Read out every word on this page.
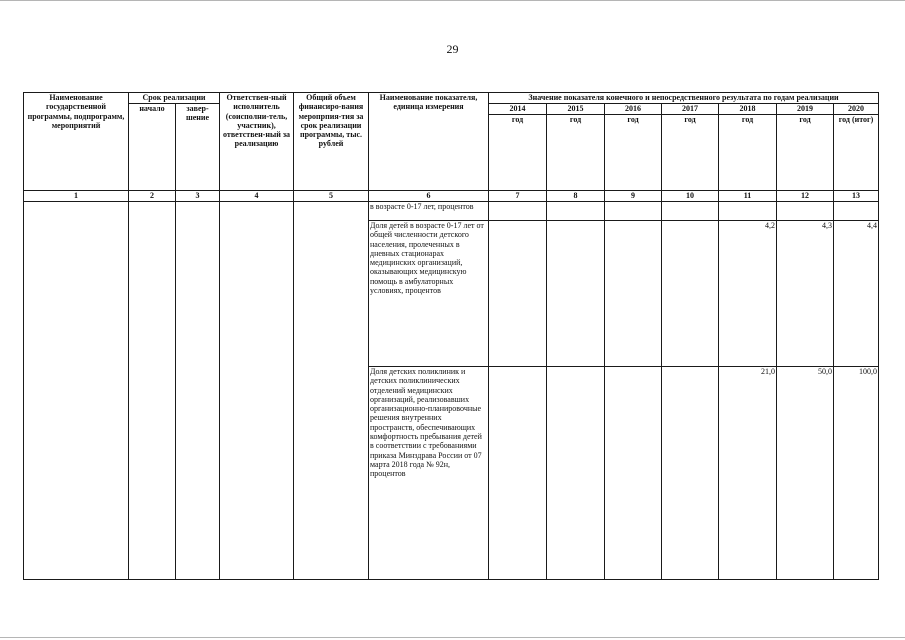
29
Наименование государственной программы, подпрограмм, мероприятий	Срок реализации		Ответствен-ный исполнитель (соисполни-тель, участник), ответствен-ный за реализацию	Общий объем финансиро-вания меропрпия-тия за срок реализации программы, тыс. рублей	Наименование показателя, единица измерения	Значение показателя конечного и непосредственного результата по годам реализации						
	начало	завер-шение				2014	2015	2016	2017	2018	2019	2020
						год	год	год	год	год	год	год (итог)
1	2	3	4	5	6	7	8	9	10	11	12	13
					в возрасте 0-17 лет, процентов							
					Доля детей в возрасте 0-17 лет от общей численности детского населения, пролеченных в дневных стационарах медицинских организаций, оказывающих медицинскую помощь в амбулаторных условиях, процентов					4,2	4,3	4,4
					Доля детских поликлиник и детских поликлинических отделений медицинских организаций, реализовавших организационно-планировочные решения внутренних пространств, обеспечивающих комфортность пребывания детей в соответствии с требованиями приказа Минздрава России от 07 марта 2018 года № 92н, процентов					21,0	50,0	100,0
